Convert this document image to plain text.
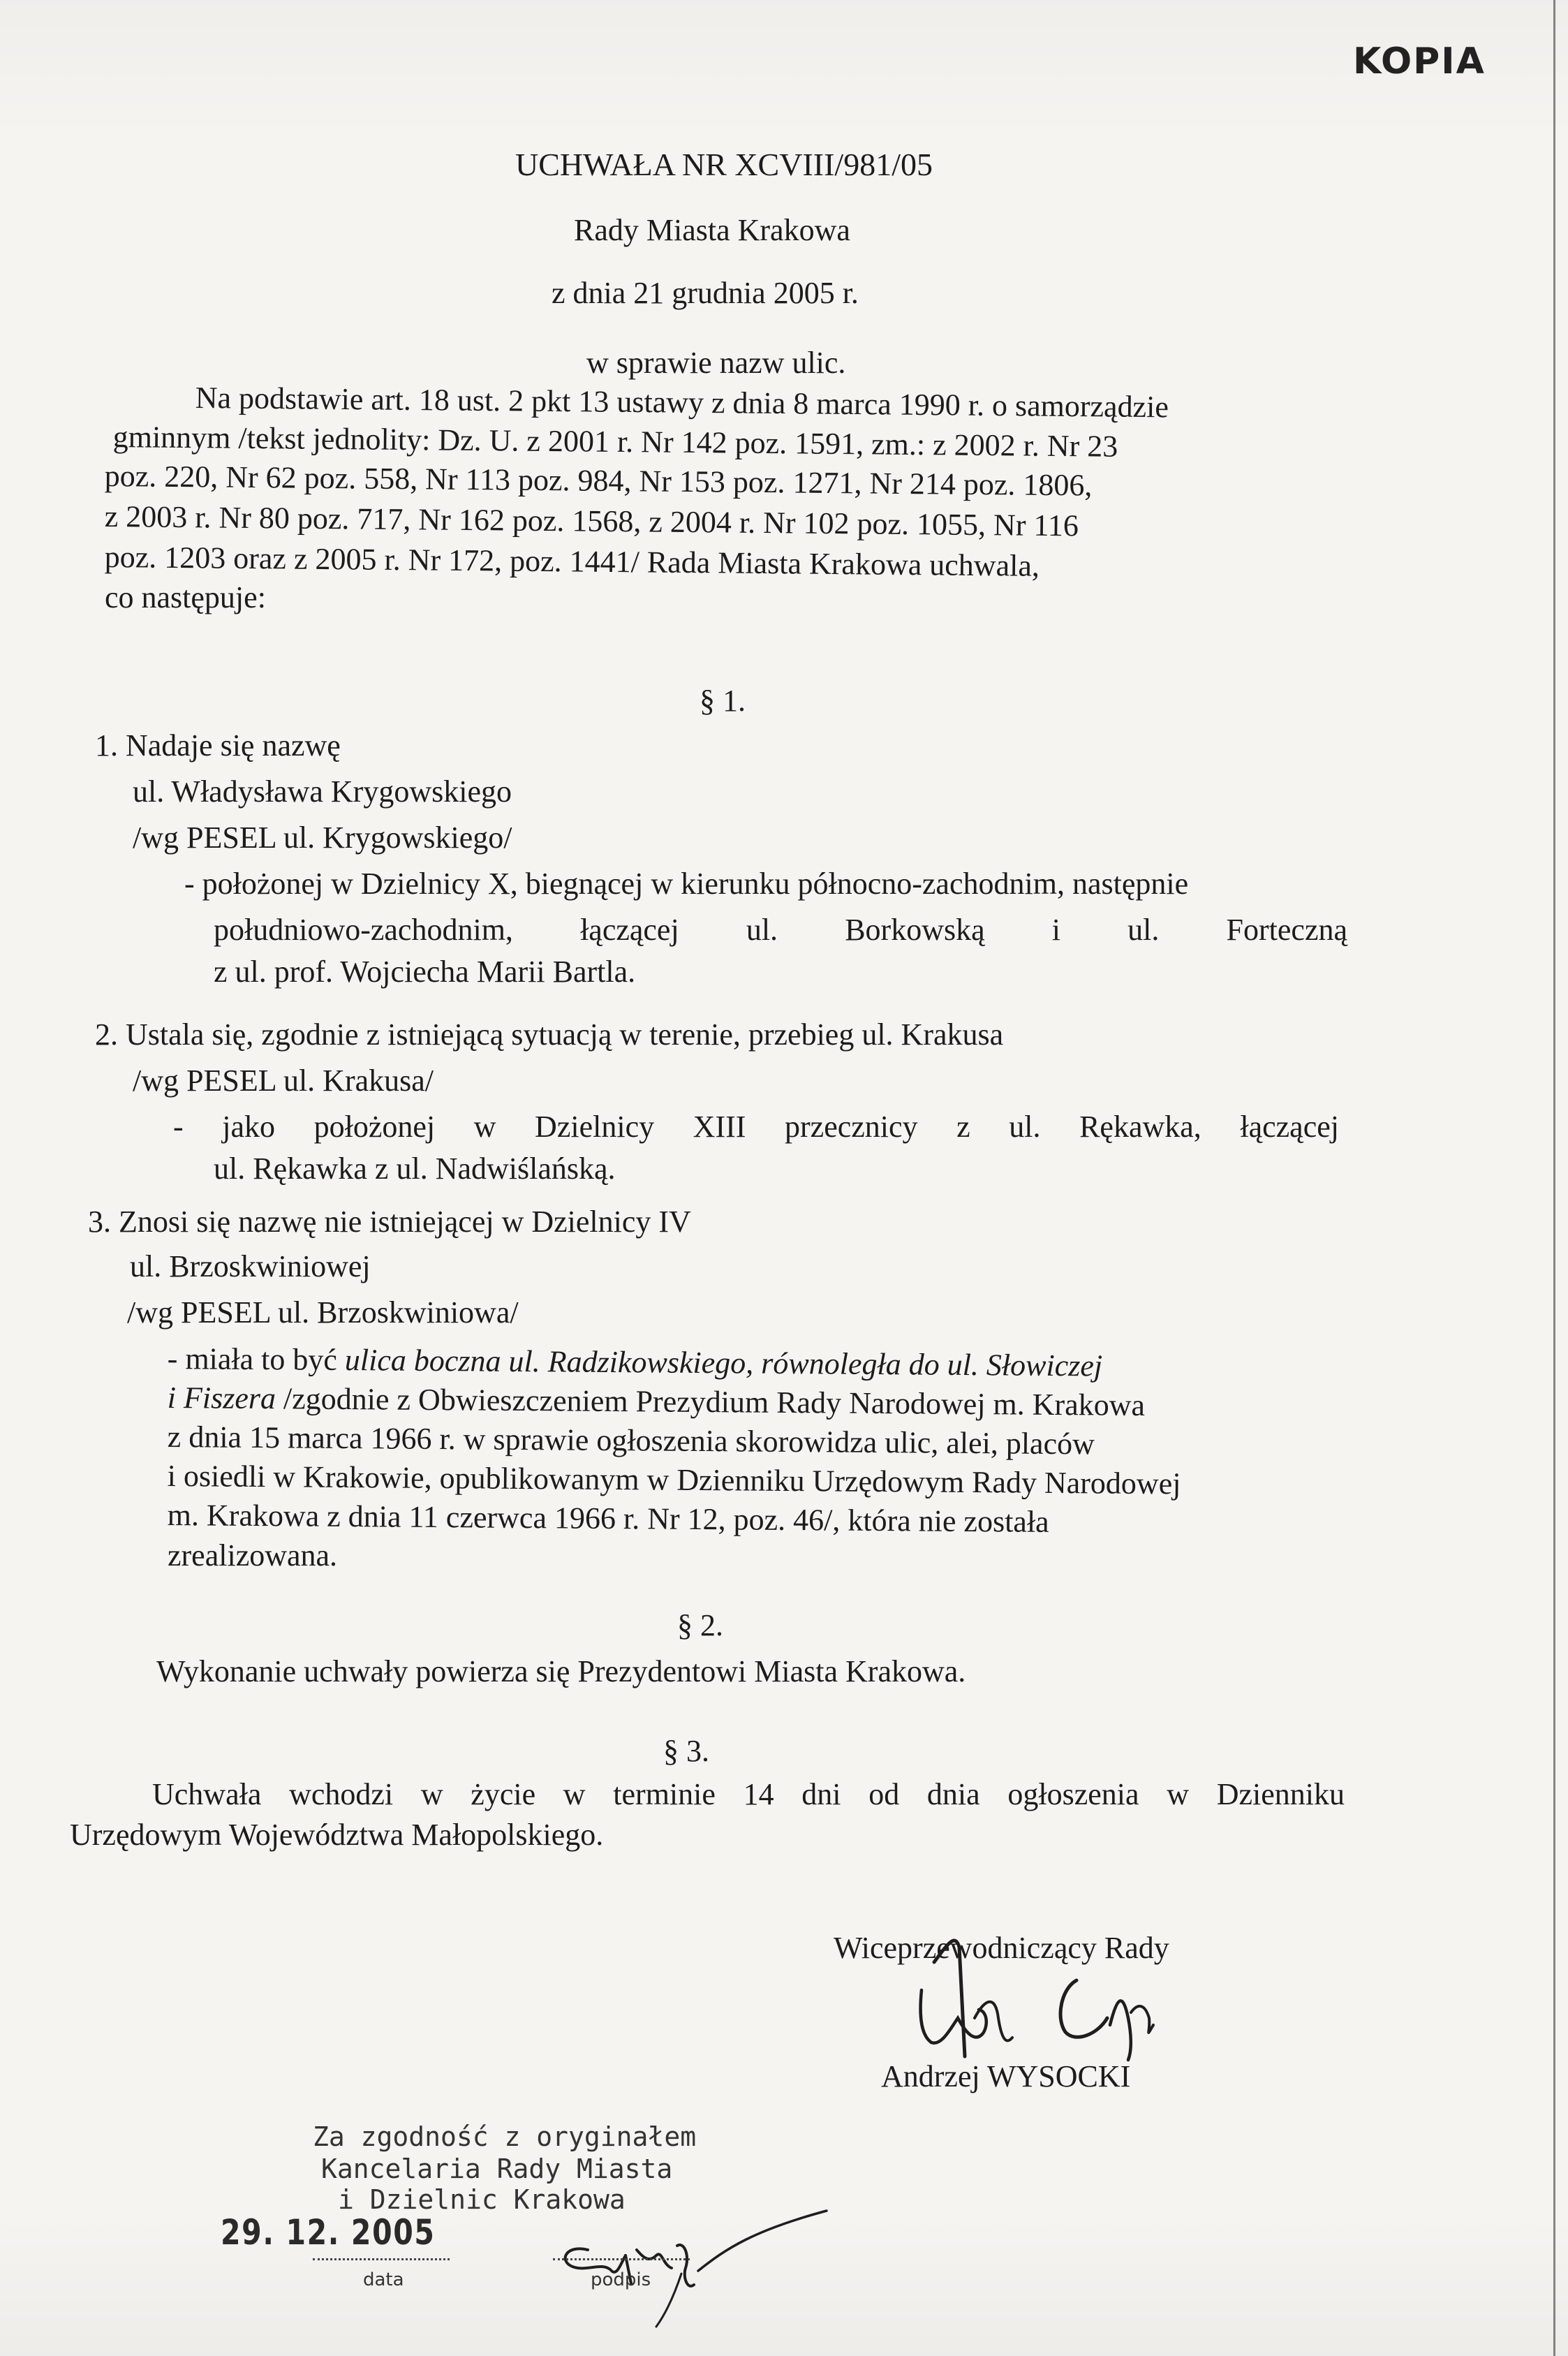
KOPIA
UCHWAŁA NR XCVIII/981/05
Rady Miasta Krakowa
z dnia 21 grudnia 2005 r.
w sprawie nazw ulic.
Na podstawie art. 18 ust. 2 pkt 13 ustawy z dnia 8 marca 1990 r. o samorządzie
gminnym /tekst jednolity: Dz. U. z 2001 r. Nr 142 poz. 1591, zm.: z 2002 r. Nr 23
poz. 220, Nr 62 poz. 558, Nr 113 poz. 984, Nr 153 poz. 1271, Nr 214 poz. 1806,
z 2003 r. Nr 80 poz. 717, Nr 162 poz. 1568, z 2004 r. Nr 102 poz. 1055, Nr 116
poz. 1203 oraz z 2005 r. Nr 172, poz. 1441/ Rada Miasta Krakowa uchwala,
co następuje:
§ 1.
1. Nadaje się nazwę
ul. Władysława Krygowskiego
/wg PESEL ul. Krygowskiego/
- położonej w Dzielnicy X, biegnącej w kierunku północno-zachodnim, następnie
południowo-zachodnim, łączącej ul. Borkowską i ul. Forteczną
z ul. prof. Wojciecha Marii Bartla.
2. Ustala się, zgodnie z istniejącą sytuacją w terenie, przebieg ul. Krakusa
/wg PESEL ul. Krakusa/
- jako położonej w Dzielnicy XIII przecznicy z ul. Rękawka, łączącej
ul. Rękawka z ul. Nadwiślańską.
3. Znosi się nazwę nie istniejącej w Dzielnicy IV
ul. Brzoskwiniowej
/wg PESEL ul. Brzoskwiniowa/
- miała to być ulica boczna ul. Radzikowskiego, równoległa do ul. Słowiczej
i Fiszera /zgodnie z Obwieszczeniem Prezydium Rady Narodowej m. Krakowa
z dnia 15 marca 1966 r. w sprawie ogłoszenia skorowidza ulic, alei, placów
i osiedli w Krakowie, opublikowanym w Dzienniku Urzędowym Rady Narodowej
m. Krakowa z dnia 11 czerwca 1966 r. Nr 12, poz. 46/, która nie została
zrealizowana.
§ 2.
Wykonanie uchwały powierza się Prezydentowi Miasta Krakowa.
§ 3.
Uchwała wchodzi w życie w terminie 14 dni od dnia ogłoszenia w Dzienniku
Urzędowym Województwa Małopolskiego.
Wiceprzewodniczący Rady
Andrzej WYSOCKI
Za zgodność z oryginałem
Kancelaria Rady Miasta
i Dzielnic Krakowa
29. 12. 2005
data	podpis
